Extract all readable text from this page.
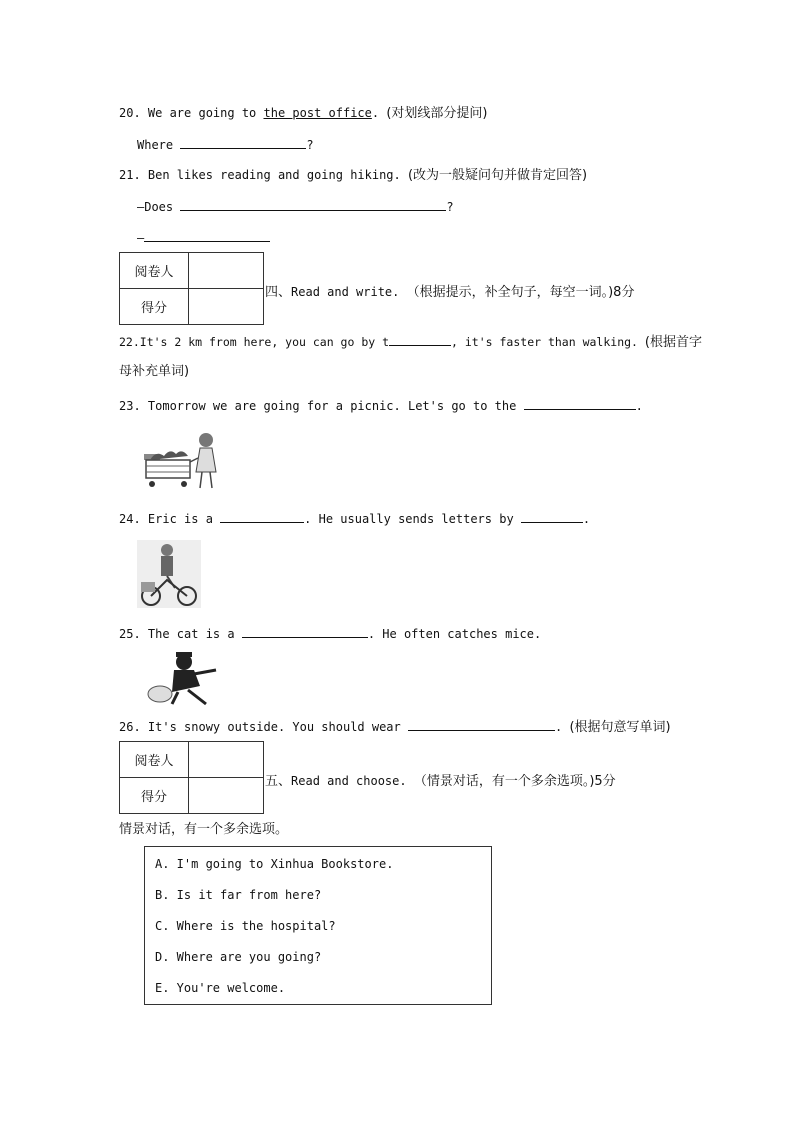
20. We are going to the post office. (对划线部分提问)
Where	?
21. Ben likes reading and going hiking. (改为一般疑问句并做肯定回答)
—Does	?
—
阅卷人	
得分	
四、Read and write. （根据提示，补全句子，每空一词。)8分
22.It's 2 km from here, you can go by t	, it's faster than walking. (根据首字
母补充单词)
23. Tomorrow we are going for a picnic. Let's go to the	.
24. Eric is a	. He usually sends letters by	.
25. The cat is a	. He often catches mice.
26. It's snowy outside. You should wear	. (根据句意写单词)
阅卷人	
得分	
五、Read and choose. （情景对话，有一个多余选项。)5分
情景对话，有一个多余选项。
A. I'm going to Xinhua Bookstore.
B. Is it far from here?
C. Where is the hospital?
D. Where are you going?
E. You're welcome.
